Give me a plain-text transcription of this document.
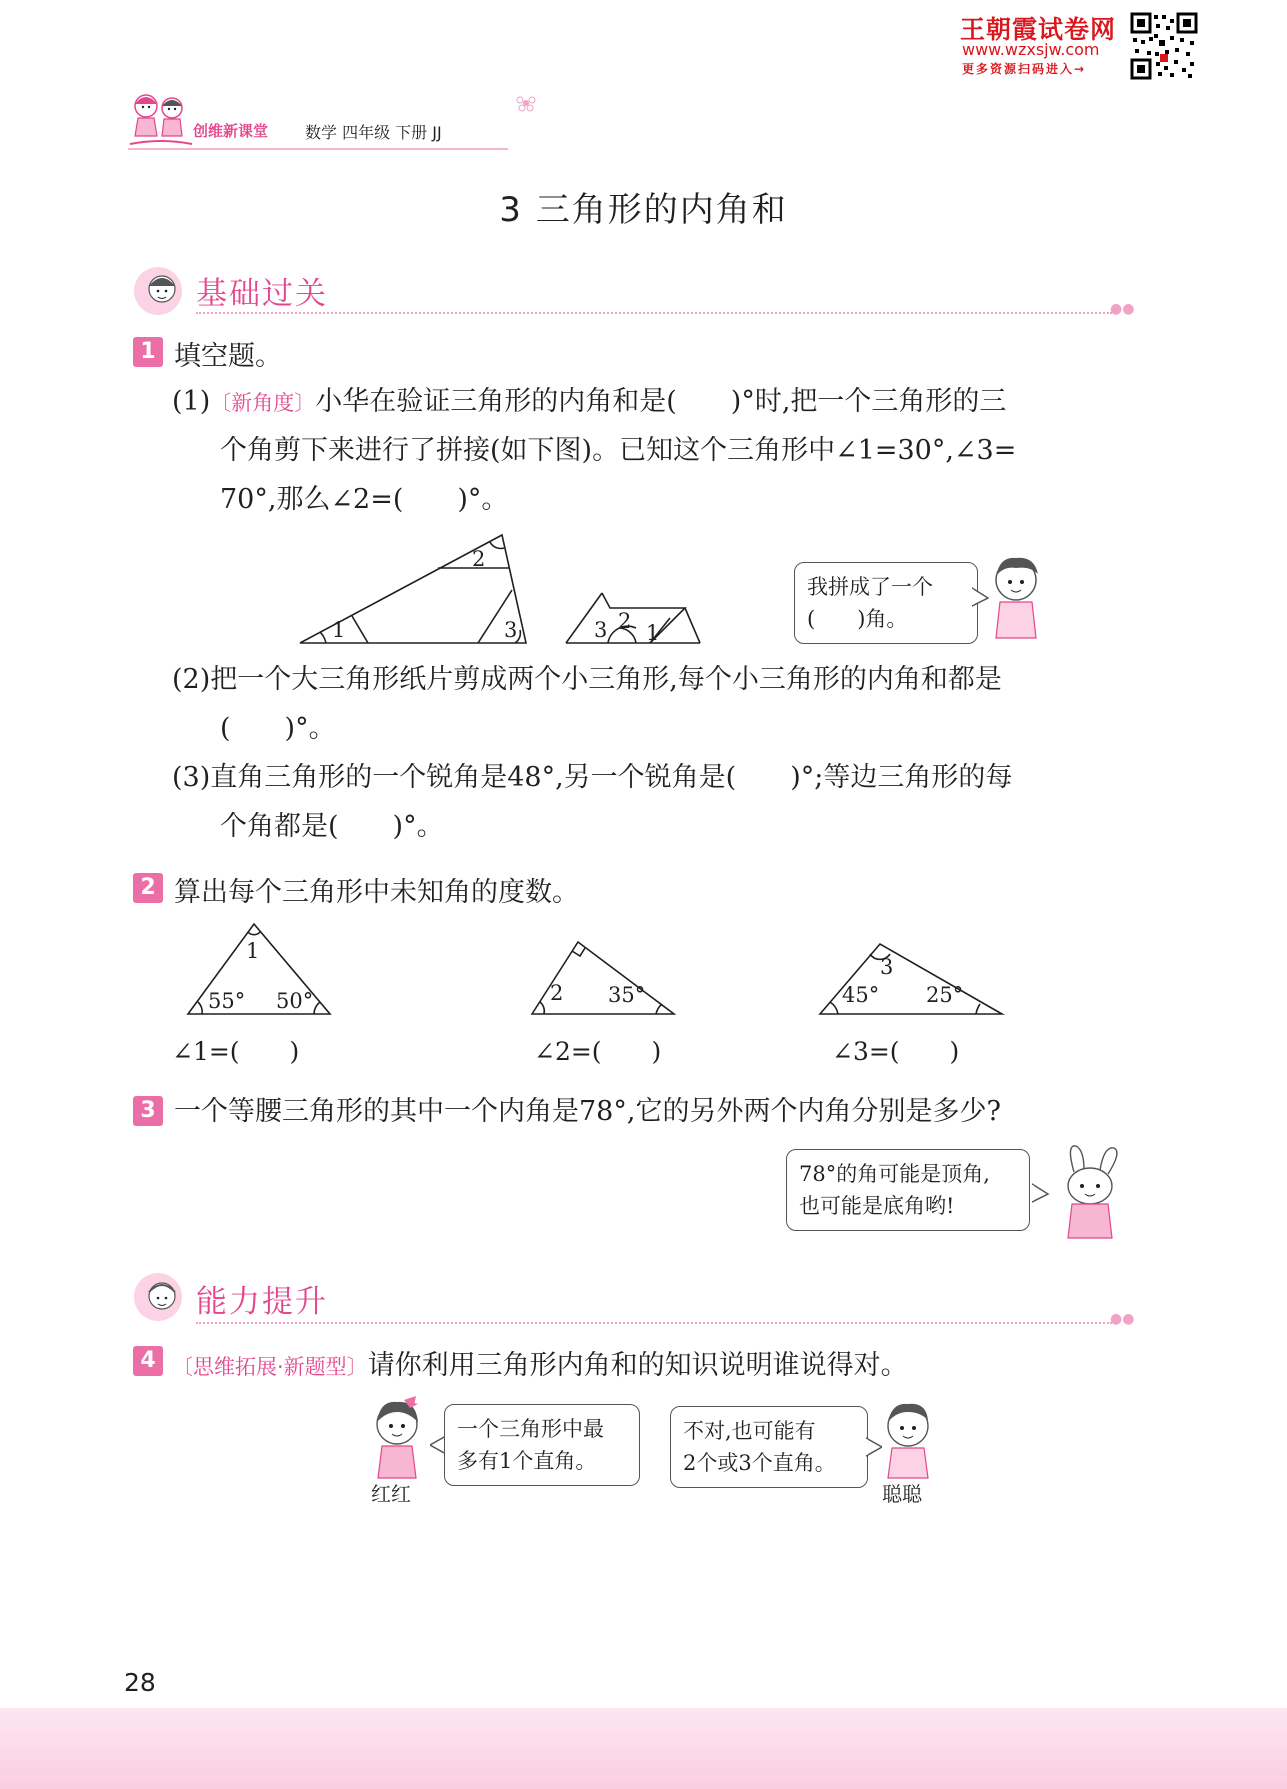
王朝霞试卷网
www.wzxsjw.com
更多资源扫码进入→
创维新课堂 数学 四年级 下册 JJ
3 三角形的内角和
基础过关	●●
1 填空题。
(1)〔新角度〕小华在验证三角形的内角和是(　　)°时,把一个三角形的三
个角剪下来进行了拼接(如下图)。已知这个三角形中∠1=30°,∠3=
70°,那么∠2=(　　)°。
2
1	3	3 2 1
我拼成了一个
(　　)角。
(2)把一个大三角形纸片剪成两个小三角形,每个小三角形的内角和都是
(　　)°。
(3)直角三角形的一个锐角是48°,另一个锐角是(　　)°;等边三角形的每
个角都是(　　)°。
2 算出每个三角形中未知角的度数。
1
55° 50°	2 35°
3
45° 25°
∠1=(　　)	∠2=(　　)	∠3=(　　)
3 一个等腰三角形的其中一个内角是78°,它的另外两个内角分别是多少?
78°的角可能是顶角,
也可能是底角哟!
能力提升	●●
4 〔思维拓展·新题型〕请你利用三角形内角和的知识说明谁说得对。
红红
一个三角形中最
多有1个直角。
不对,也可能有
2个或3个直角。
聪聪
28
